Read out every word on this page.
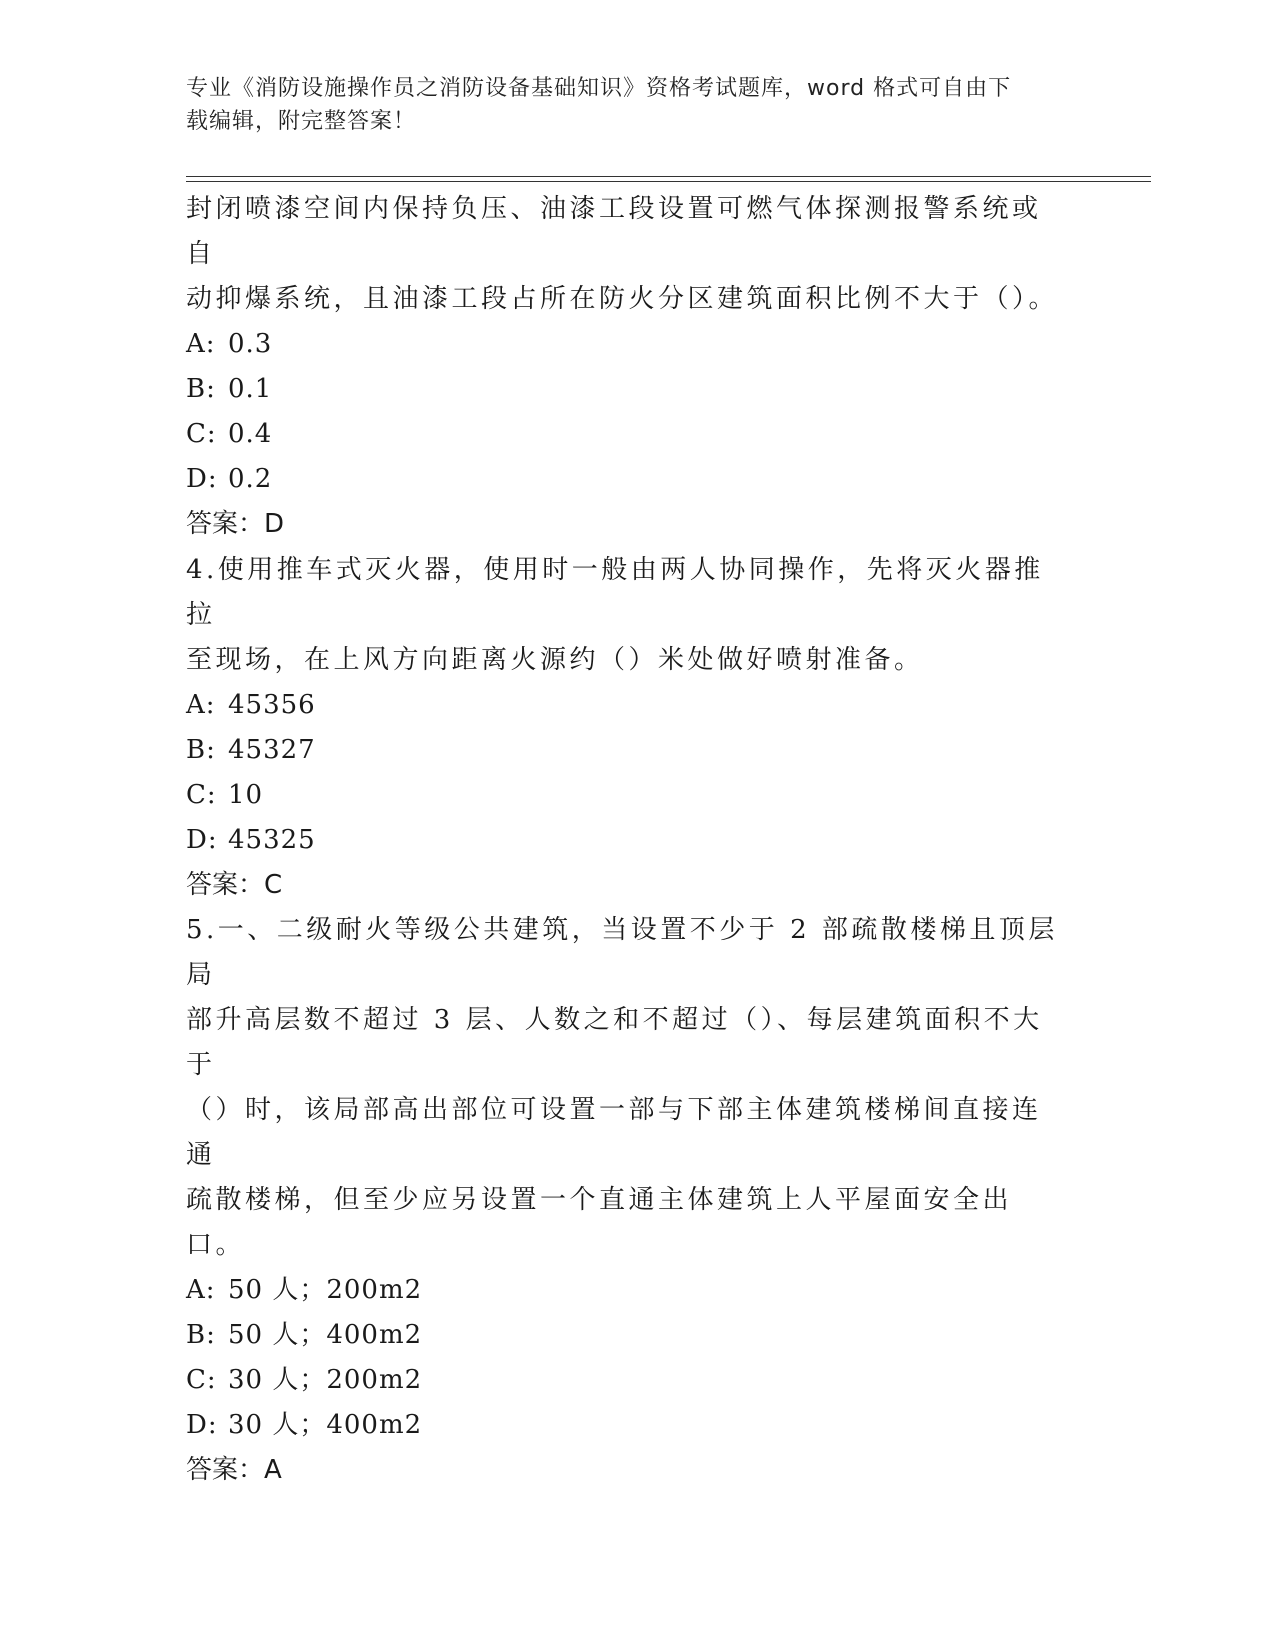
专业《消防设施操作员之消防设备基础知识》资格考试题库，word 格式可自由下
载编辑，附完整答案！
封闭喷漆空间内保持负压、油漆工段设置可燃气体探测报警系统或自
动抑爆系统，且油漆工段占所在防火分区建筑面积比例不大于（）。
A: 0.3
B: 0.1
C: 0.4
D: 0.2
答案：D
4.使用推车式灭火器，使用时一般由两人协同操作，先将灭火器推拉
至现场，在上风方向距离火源约（）米处做好喷射准备。
A: 45356
B: 45327
C: 10
D: 45325
答案：C
5.一、二级耐火等级公共建筑，当设置不少于 2 部疏散楼梯且顶层局
部升高层数不超过 3 层、人数之和不超过（）、每层建筑面积不大于
（）时，该局部高出部位可设置一部与下部主体建筑楼梯间直接连通
疏散楼梯，但至少应另设置一个直通主体建筑上人平屋面安全出口。
A: 50 人；200m2
B: 50 人；400m2
C: 30 人；200m2
D: 30 人；400m2
答案：A
